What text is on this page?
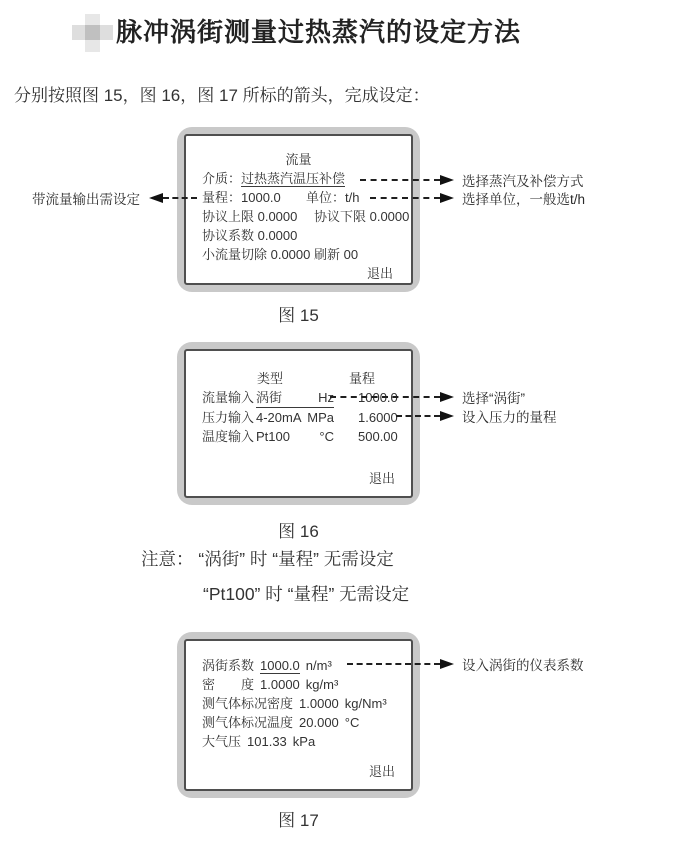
脉冲涡街测量过热蒸汽的设定方法

分别按照图 15，图 16，图 17 所标的箭头，完成设定：

流量
介质：过热蒸汽温压补偿
量程：1000.0 单位：t/h
协议上限 0.0000 协议下限 0.0000
协议系数 0.0000
小流量切除 0.0000 刷新 00
退出
选择蒸汽及补偿方式
选择单位，一般选t/h
带流量输出需设定
图 15
类型	量程
流量输入 涡街	Hz 1000.0
压力输入 4-20mA MPa 1.6000
温度输入 Pt100 °C 500.00
退出
选择“涡街”
设入压力的量程
图 16
注意： “涡街” 时 “量程” 无需设定
“Pt100” 时 “量程” 无需设定
涡街系数 1000.0 n/m³
密　　度 1.0000 kg/m³
测气体标况密度 1.0000 kg/Nm³
测气体标况温度 20.000 °C
大气压 101.33 kPa
退出
设入涡街的仪表系数
图 17
